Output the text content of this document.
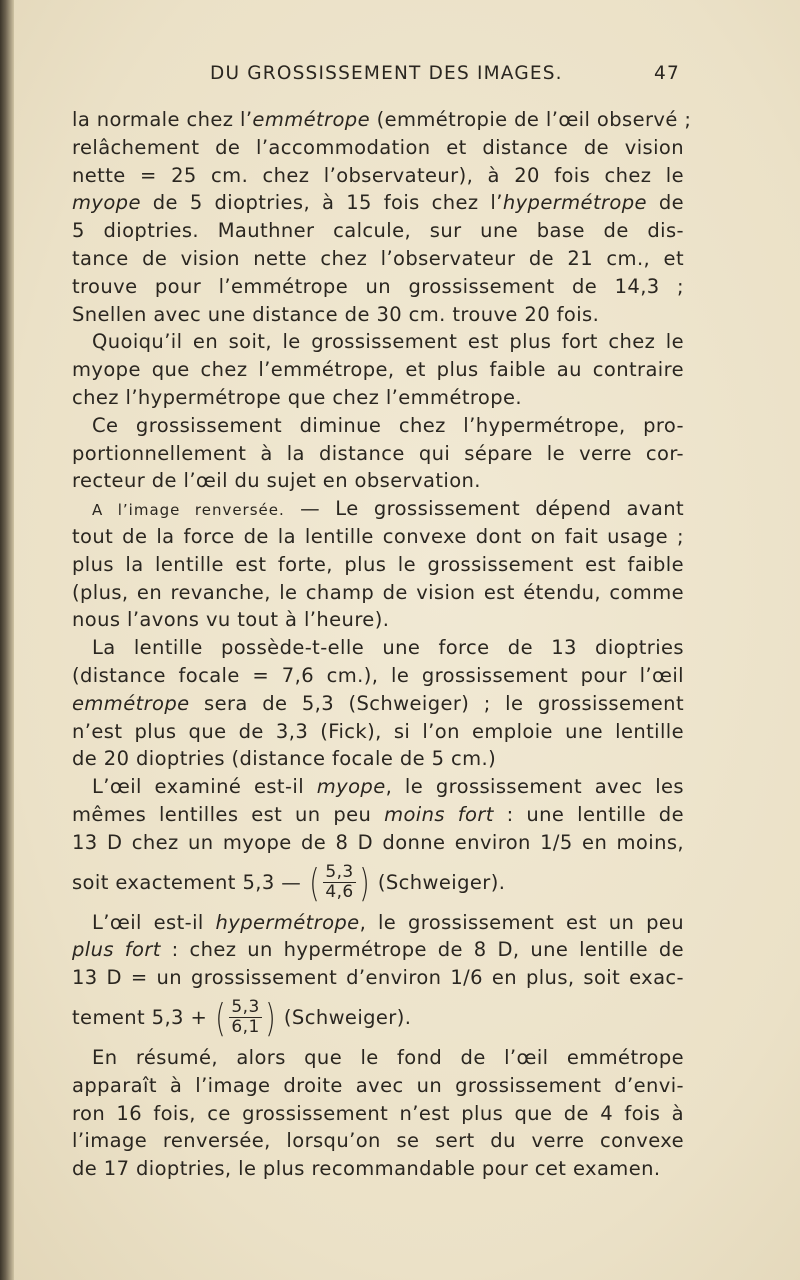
DU GROSSISSEMENT DES IMAGES.	47
la normale chez l’emmétrope (emmétropie de l’œil observé ;
relâchement de l’accommodation et distance de vision
nette = 25 cm. chez l’observateur), à 20 fois chez le
myope de 5 dioptries, à 15 fois chez l’hypermétrope de
5 dioptries. Mauthner calcule, sur une base de dis-
tance de vision nette chez l’observateur de 21 cm., et
trouve pour l’emmétrope un grossissement de 14,3 ;
Snellen avec une distance de 30 cm. trouve 20 fois.
Quoiqu’il en soit, le grossissement est plus fort chez le
myope que chez l’emmétrope, et plus faible au contraire
chez l’hypermétrope que chez l’emmétrope.
Ce grossissement diminue chez l’hypermétrope, pro-
portionnellement à la distance qui sépare le verre cor-
recteur de l’œil du sujet en observation.
A l’image renversée. — Le grossissement dépend avant
tout de la force de la lentille convexe dont on fait usage ;
plus la lentille est forte, plus le grossissement est faible
(plus, en revanche, le champ de vision est étendu, comme
nous l’avons vu tout à l’heure).
La lentille possède-t-elle une force de 13 dioptries
(distance focale = 7,6 cm.), le grossissement pour l’œil
emmétrope sera de 5,3 (Schweiger) ; le grossissement
n’est plus que de 3,3 (Fick), si l’on emploie une lentille
de 20 dioptries (distance focale de 5 cm.)
L’œil examiné est-il myope, le grossissement avec les
mêmes lentilles est un peu moins fort : une lentille de
13 D chez un myope de 8 D donne environ 1/5 en moins,
soit exactement 5,3 — ( $\frac{5,3}{4,6}$ ) (Schweiger).
L’œil est-il hypermétrope, le grossissement est un peu
plus fort : chez un hypermétrope de 8 D, une lentille de
13 D = un grossissement d’environ 1/6 en plus, soit exac-
tement 5,3 + ( $\frac{5,3}{6,1}$ ) (Schweiger).
En résumé, alors que le fond de l’œil emmétrope
apparaît à l’image droite avec un grossissement d’envi-
ron 16 fois, ce grossissement n’est plus que de 4 fois à
l’image renversée, lorsqu’on se sert du verre convexe
de 17 dioptries, le plus recommandable pour cet examen.
